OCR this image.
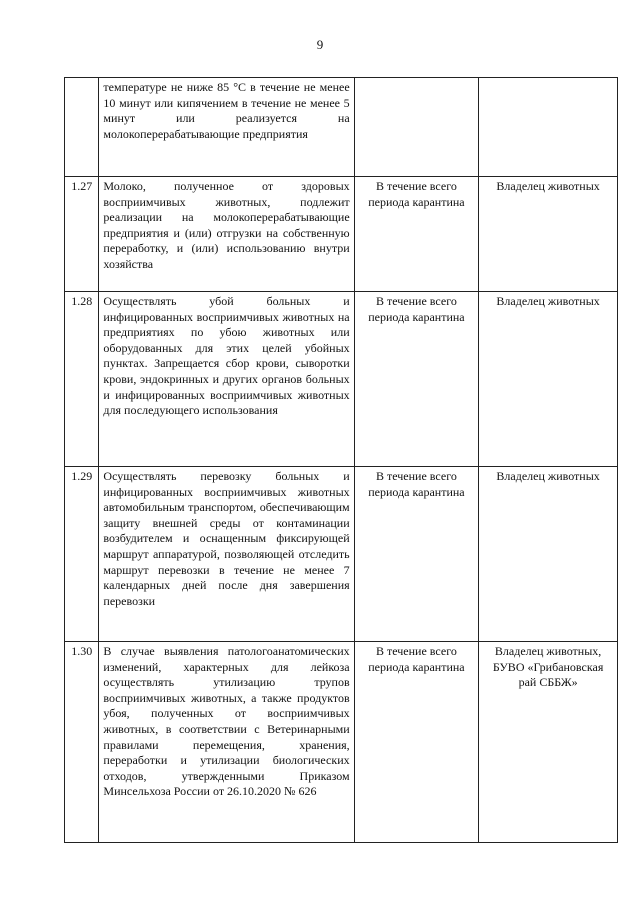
9
	температуре не ниже 85 °С в течение не менее 10 минут или кипячением в течение не менее 5 минут или реализуется на молокоперерабатывающие предприятия		
1.27	Молоко, полученное от здоровых восприимчивых животных, подлежит реализации на молокоперерабатывающие предприятия и (или) отгрузки на собственную переработку, и (или) использованию внутри хозяйства	В течение всего периода карантина	Владелец животных
1.28	Осуществлять убой больных и инфицированных восприимчивых животных на предприятиях по убою животных или оборудованных для этих целей убойных пунктах. Запрещается сбор крови, сыворотки крови, эндокринных и других органов больных и инфицированных восприимчивых животных для последующего использования	В течение всего периода карантина	Владелец животных
1.29	Осуществлять перевозку больных и инфицированных восприимчивых животных автомобильным транспортом, обеспечивающим защиту внешней среды от контаминации возбудителем и оснащенным фиксирующей маршрут аппаратурой, позволяющей отследить маршрут перевозки в течение не менее 7 календарных дней после дня завершения перевозки	В течение всего периода карантина	Владелец животных
1.30	В случае выявления патологоанатомических изменений, характерных для лейкоза осуществлять утилизацию трупов восприимчивых животных, а также продуктов убоя, полученных от восприимчивых животных, в соответствии с Ветеринарными правилами перемещения, хранения, переработки и утилизации биологических отходов, утвержденными Приказом Минсельхоза России от 26.10.2020 № 626	В течение всего периода карантина	Владелец животных, БУВО «Грибановская рай СББЖ»
